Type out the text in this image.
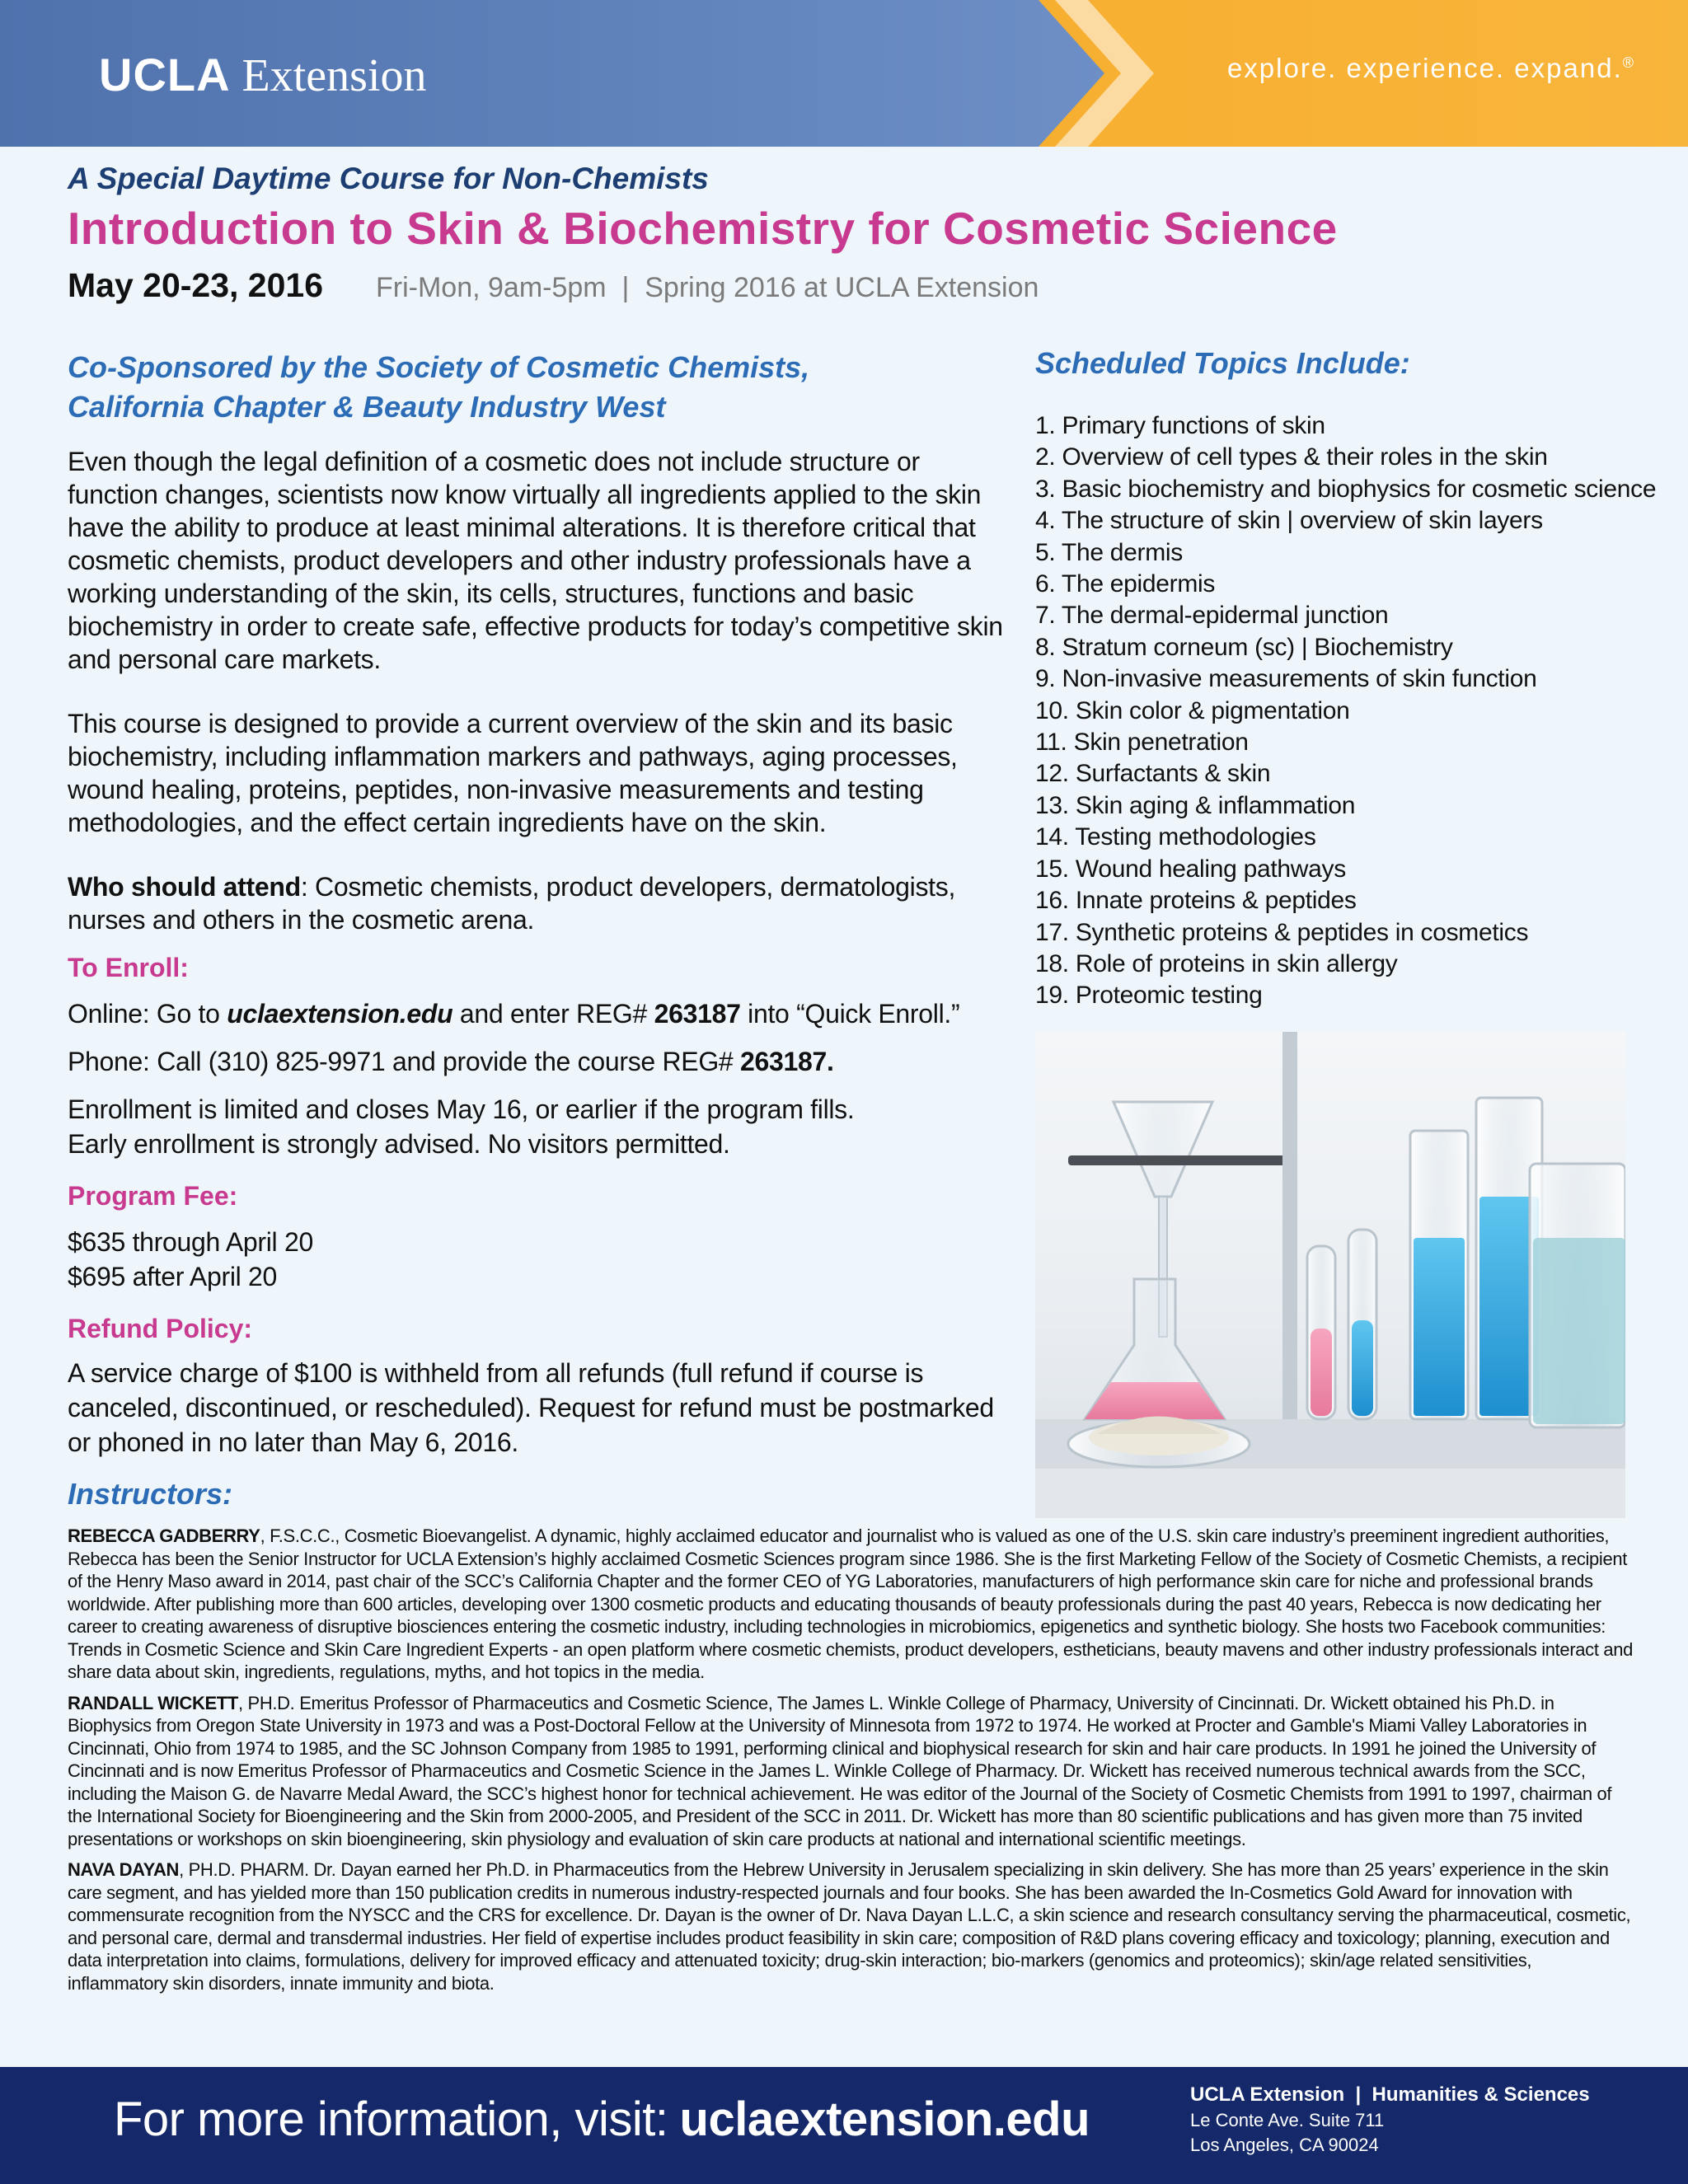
UCLA Extension	explore. experience. expand.®
A Special Daytime Course for Non-Chemists
Introduction to Skin & Biochemistry for Cosmetic Science
May 20-23, 2016 Fri-Mon, 9am-5pm  |  Spring 2016 at UCLA Extension
Co-Sponsored by the Society of Cosmetic Chemists,
California Chapter & Beauty Industry West

Even though the legal definition of a cosmetic does not include structure or function changes, scientists now know virtually all ingredients applied to the skin have the ability to produce at least minimal alterations. It is therefore critical that cosmetic chemists, product developers and other industry professionals have a working understanding of the skin, its cells, structures, functions and basic biochemistry in order to create safe, effective products for today’s competitive skin and personal care markets.

This course is designed to provide a current overview of the skin and its basic biochemistry, including inflammation markers and pathways, aging processes, wound healing, proteins, peptides, non-invasive measurements and testing methodologies, and the effect certain ingredients have on the skin.

Who should attend: Cosmetic chemists, product developers, dermatologists, nurses and others in the cosmetic arena.

To Enroll:
Online: Go to uclaextension.edu and enter REG# 263187 into “Quick Enroll.”
Phone: Call (310) 825-9971 and provide the course REG# 263187.
Enrollment is limited and closes May 16, or earlier if the program fills.
Early enrollment is strongly advised. No visitors permitted.
Program Fee:
$635 through April 20
$695 after April 20
Refund Policy:

A service charge of $100 is withheld from all refunds (full refund if course is canceled, discontinued, or rescheduled). Request for refund must be postmarked or phoned in no later than May 6, 2016.

Scheduled Topics Include:
1. Primary functions of skin
2. Overview of cell types & their roles in the skin
3. Basic biochemistry and biophysics for cosmetic science
4. The structure of skin | overview of skin layers
5. The dermis
6. The epidermis
7. The dermal-epidermal junction
8. Stratum corneum (sc) | Biochemistry
9. Non-invasive measurements of skin function
10. Skin color & pigmentation
11. Skin penetration
12. Surfactants & skin
13. Skin aging & inflammation
14. Testing methodologies
15. Wound healing pathways
16. Innate proteins & peptides
17. Synthetic proteins & peptides in cosmetics
18. Role of proteins in skin allergy
19. Proteomic testing
Instructors:

REBECCA GADBERRY, F.S.C.C., Cosmetic Bioevangelist. A dynamic, highly acclaimed educator and journalist who is valued as one of the U.S. skin care industry’s preeminent ingredient authorities, Rebecca has been the Senior Instructor for UCLA Extension’s highly acclaimed Cosmetic Sciences program since 1986. She is the first Marketing Fellow of the Society of Cosmetic Chemists, a recipient of the Henry Maso award in 2014, past chair of the SCC’s California Chapter and the former CEO of YG Laboratories, manufacturers of high performance skin care for niche and professional brands worldwide. After publishing more than 600 articles, developing over 1300 cosmetic products and educating thousands of beauty professionals during the past 40 years, Rebecca is now dedicating her career to creating awareness of disruptive biosciences entering the cosmetic industry, including technologies in microbiomics, epigenetics and synthetic biology. She hosts two Facebook communities: Trends in Cosmetic Science and Skin Care Ingredient Experts - an open platform where cosmetic chemists, product developers, estheticians, beauty mavens and other industry professionals interact and share data about skin, ingredients, regulations, myths, and hot topics in the media.

RANDALL WICKETT, PH.D. Emeritus Professor of Pharmaceutics and Cosmetic Science, The James L. Winkle College of Pharmacy, University of Cincinnati. Dr. Wickett obtained his Ph.D. in Biophysics from Oregon State University in 1973 and was a Post-Doctoral Fellow at the University of Minnesota from 1972 to 1974. He worked at Procter and Gamble's Miami Valley Laboratories in Cincinnati, Ohio from 1974 to 1985, and the SC Johnson Company from 1985 to 1991, performing clinical and biophysical research for skin and hair care products. In 1991 he joined the University of Cincinnati and is now Emeritus Professor of Pharmaceutics and Cosmetic Science in the James L. Winkle College of Pharmacy. Dr. Wickett has received numerous technical awards from the SCC, including the Maison G. de Navarre Medal Award, the SCC’s highest honor for technical achievement. He was editor of the Journal of the Society of Cosmetic Chemists from 1991 to 1997, chairman of the International Society for Bioengineering and the Skin from 2000-2005, and President of the SCC in 2011. Dr. Wickett has more than 80 scientific publications and has given more than 75 invited presentations or workshops on skin bioengineering, skin physiology and evaluation of skin care products at national and international scientific meetings.

NAVA DAYAN, PH.D. PHARM. Dr. Dayan earned her Ph.D. in Pharmaceutics from the Hebrew University in Jerusalem specializing in skin delivery. She has more than 25 years’ experience in the skin care segment, and has yielded more than 150 publication credits in numerous industry-respected journals and four books. She has been awarded the In-Cosmetics Gold Award for innovation with commensurate recognition from the NYSCC and the CRS for excellence. Dr. Dayan is the owner of Dr. Nava Dayan L.L.C, a skin science and research consultancy serving the pharmaceutical, cosmetic, and personal care, dermal and transdermal industries. Her field of expertise includes product feasibility in skin care; composition of R&D plans covering efficacy and toxicology; planning, execution and data interpretation into claims, formulations, delivery for improved efficacy and attenuated toxicity; drug-skin interaction; bio-markers (genomics and proteomics); skin/age related sensitivities, inflammatory skin disorders, innate immunity and biota.

For more information, visit: uclaextension.edu	UCLA Extension  |  Humanities & Sciences
Le Conte Ave. Suite 711
Los Angeles, CA 90024
